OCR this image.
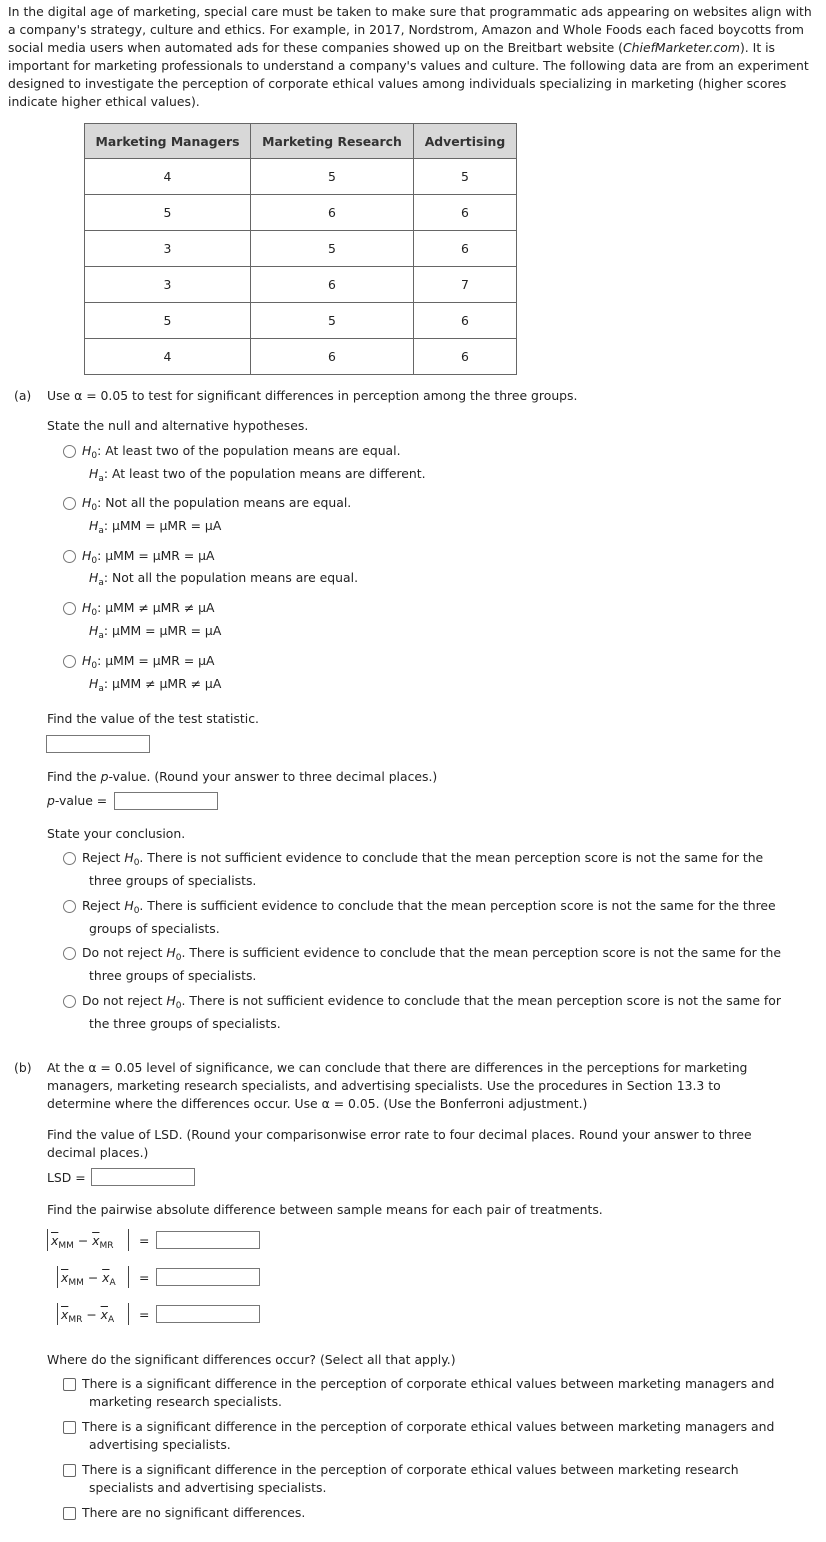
In the digital age of marketing, special care must be taken to make sure that programmatic ads appearing on websites align with a company's strategy, culture and ethics. For example, in 2017, Nordstrom, Amazon and Whole Foods each faced boycotts from social media users when automated ads for these companies showed up on the Breitbart website (ChiefMarketer.com). It is important for marketing professionals to understand a company's values and culture. The following data are from an experiment designed to investigate the perception of corporate ethical values among individuals specializing in marketing (higher scores indicate higher ethical values).
Marketing Managers	Marketing Research	Advertising
4	5	5
5	6	6
3	5	6
3	6	7
5	5	6
4	6	6
(a) Use α = 0.05 to test for significant differences in perception among the three groups.
State the null and alternative hypotheses.
$H_0$: At least two of the population means are equal.
$H_a$: At least two of the population means are different.
$H_0$: Not all the population means are equal.
$H_a$: μMM = μMR = μA
$H_0$: μMM = μMR = μA
$H_a$: Not all the population means are equal.
$H_0$: μMM ≠ μMR ≠ μA
$H_a$: μMM = μMR = μA
$H_0$: μMM = μMR = μA
$H_a$: μMM ≠ μMR ≠ μA
Find the value of the test statistic.
Find the p-value. (Round your answer to three decimal places.)
p-value =
State your conclusion.
Reject $H_0$. There is not sufficient evidence to conclude that the mean perception score is not the same for the
three groups of specialists.
Reject $H_0$. There is sufficient evidence to conclude that the mean perception score is not the same for the three
groups of specialists.
Do not reject $H_0$. There is sufficient evidence to conclude that the mean perception score is not the same for the
three groups of specialists.
Do not reject $H_0$. There is not sufficient evidence to conclude that the mean perception score is not the same for
the three groups of specialists.
(b) At the α = 0.05 level of significance, we can conclude that there are differences in the perceptions for marketing
managers, marketing research specialists, and advertising specialists. Use the procedures in Section 13.3 to
determine where the differences occur. Use α = 0.05. (Use the Bonferroni adjustment.)
Find the value of LSD. (Round your comparisonwise error rate to four decimal places. Round your answer to three
decimal places.)
LSD =
Find the pairwise absolute difference between sample means for each pair of treatments.
$\overline{x}_{MM} - \overline{x}_{MR}$ =
$\overline{x}_{MM} - \overline{x}_A$ =
$\overline{x}_{MR} - \overline{x}_A$ =
Where do the significant differences occur? (Select all that apply.)
There is a significant difference in the perception of corporate ethical values between marketing managers and
marketing research specialists.
There is a significant difference in the perception of corporate ethical values between marketing managers and
advertising specialists.
There is a significant difference in the perception of corporate ethical values between marketing research
specialists and advertising specialists.
There are no significant differences.
